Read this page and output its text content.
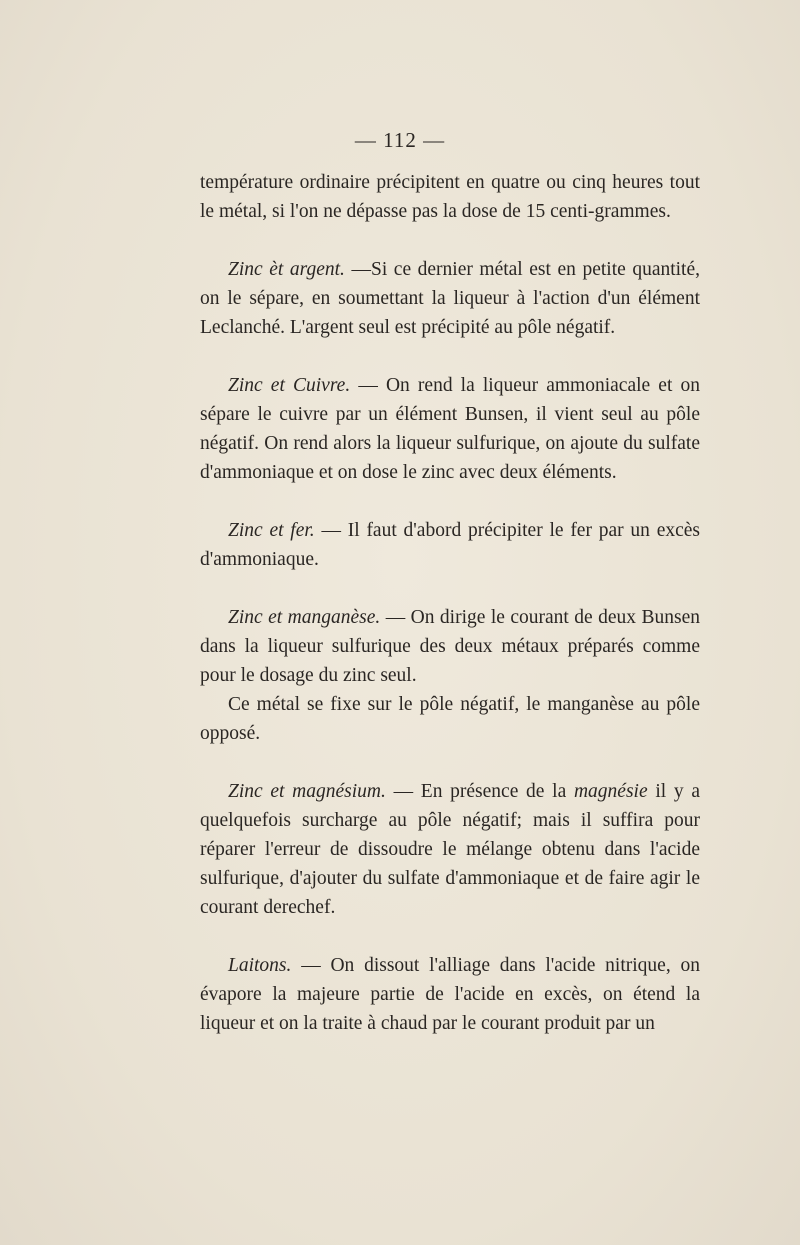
— 112 —

température ordinaire précipitent en quatre ou cinq heures tout le métal, si l'on ne dépasse pas la dose de 15 centi-grammes.

Zinc èt argent. —Si ce dernier métal est en petite quantité, on le sépare, en soumettant la liqueur à l'action d'un élément Leclanché. L'argent seul est précipité au pôle négatif.

Zinc et Cuivre. — On rend la liqueur ammoniacale et on sépare le cuivre par un élément Bunsen, il vient seul au pôle négatif. On rend alors la liqueur sulfurique, on ajoute du sulfate d'ammoniaque et on dose le zinc avec deux éléments.

Zinc et fer. — Il faut d'abord précipiter le fer par un excès d'ammoniaque.

Zinc et manganèse. — On dirige le courant de deux Bunsen dans la liqueur sulfurique des deux métaux préparés comme pour le dosage du zinc seul.

Ce métal se fixe sur le pôle négatif, le manganèse au pôle opposé.

Zinc et magnésium. — En présence de la magnésie il y a quelquefois surcharge au pôle négatif; mais il suffira pour réparer l'erreur de dissoudre le mélange obtenu dans l'acide sulfurique, d'ajouter du sulfate d'ammoniaque et de faire agir le courant derechef.

Laitons. — On dissout l'alliage dans l'acide nitrique, on évapore la majeure partie de l'acide en excès, on étend la liqueur et on la traite à chaud par le courant produit par un
